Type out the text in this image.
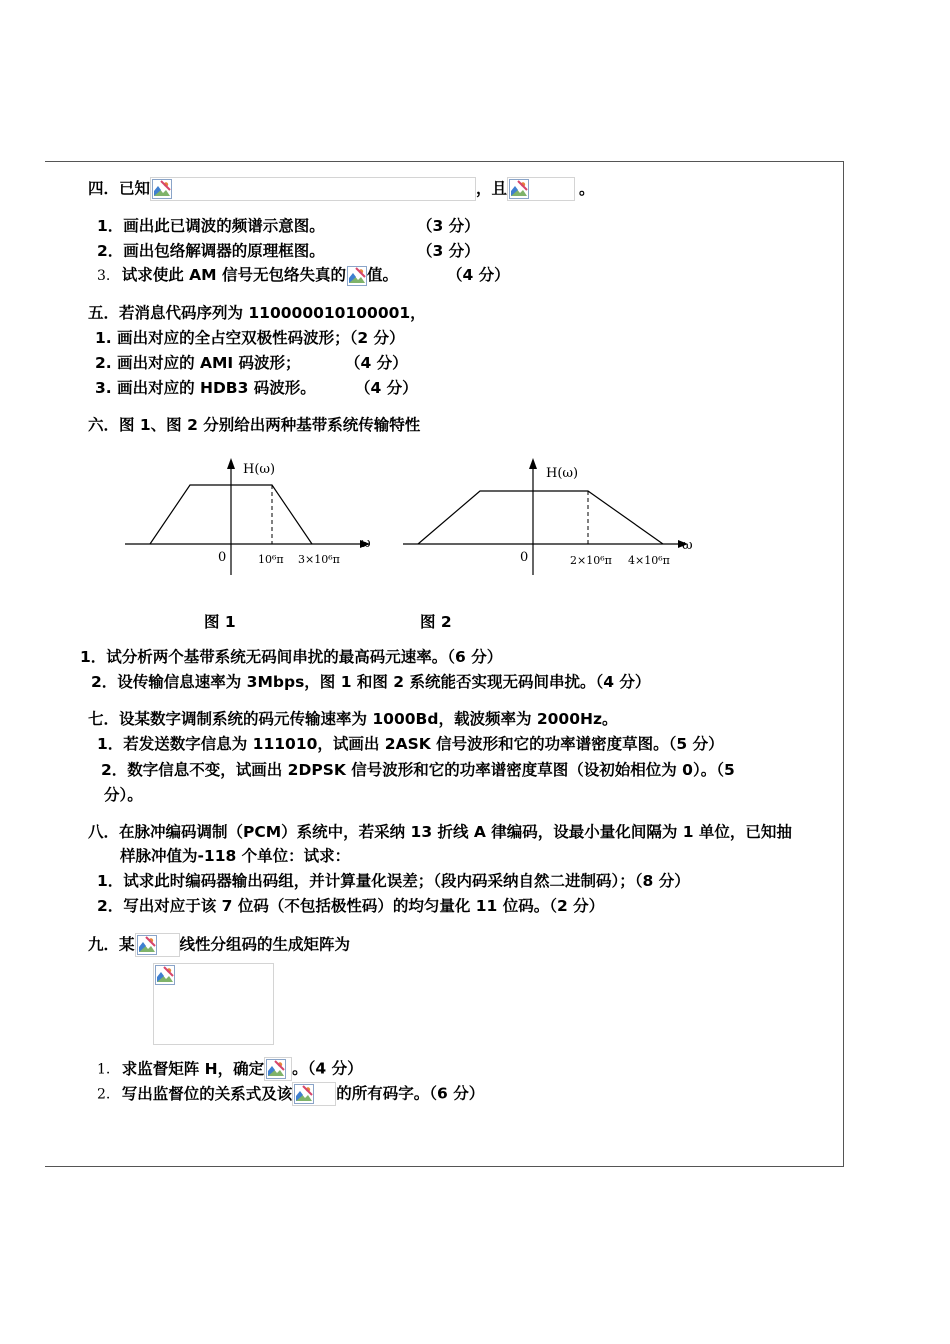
四．已知	，且	。
1．画出此已调波的频谱示意图。	（3 分）
2．画出包络解调器的原理框图。	（3 分）
3. 试求使此 AM 信号无包络失真的 值。	（4 分）
五．若消息代码序列为 110000010100001，
1. 画出对应的全占空双极性码波形；（2 分）
2. 画出对应的 AMI 码波形；	（4 分）
3. 画出对应的 HDB3 码波形。	（4 分）
六．图 1、图 2 分别给出两种基带系统传输特性
H(ω)
ω
0	10⁶π 3×10⁶π
H(ω)
ω
0	2×10⁶π 4×10⁶π
图 1	图 2
1．试分析两个基带系统无码间串扰的最高码元速率。（6 分）
2．设传输信息速率为 3Mbps，图 1 和图 2 系统能否实现无码间串扰。（4 分）
七．设某数字调制系统的码元传输速率为 1000Bd，载波频率为 2000Hz。
1．若发送数字信息为 111010，试画出 2ASK 信号波形和它的功率谱密度草图。（5 分）
2．数字信息不变，试画出 2DPSK 信号波形和它的功率谱密度草图（设初始相位为 0）。（5
分）。
八．在脉冲编码调制（PCM）系统中，若采纳 13 折线 A 律编码，设最小量化间隔为 1 单位，已知抽
样脉冲值为-118 个单位：试求：
1．试求此时编码器输出码组，并计算量化误差；（段内码采纳自然二进制码）；（8 分）
2．写出对应于该 7 位码（不包括极性码）的均匀量化 11 位码。（2 分）
九．某	线性分组码的生成矩阵为
1. 求监督矩阵 H，确定 。（4 分）
2. 写出监督位的关系式及该	的所有码字。（6 分）
